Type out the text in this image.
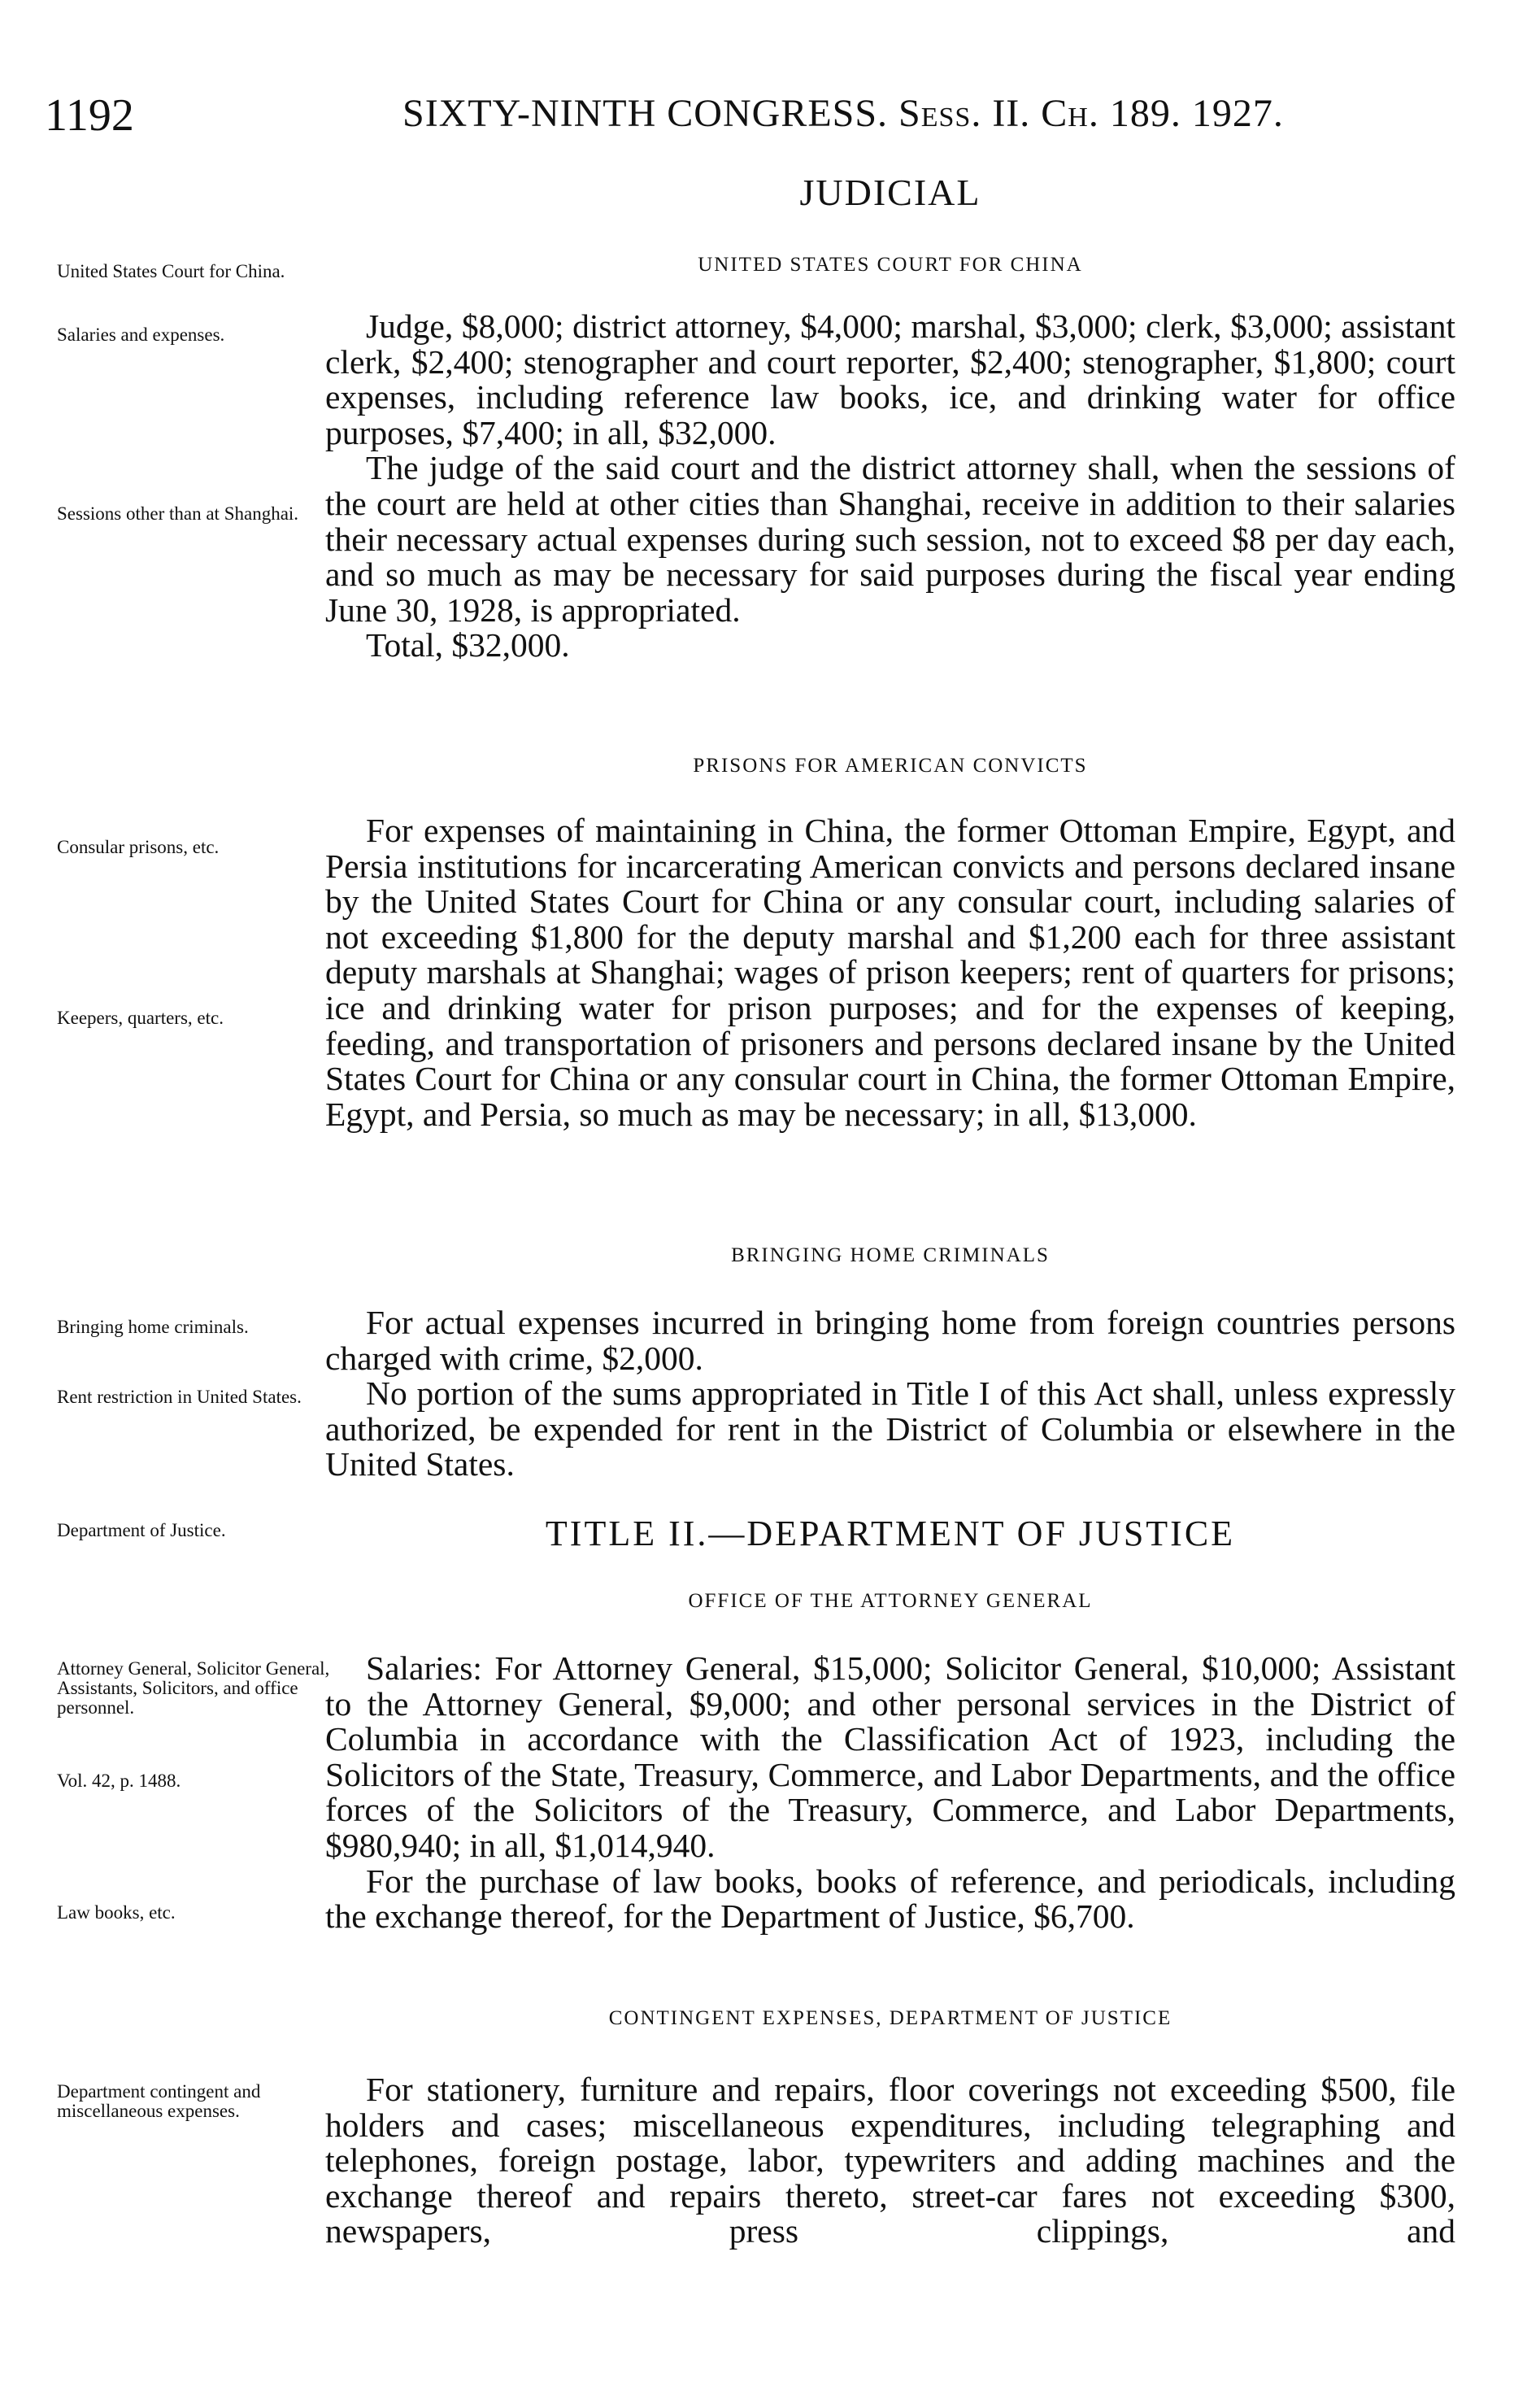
1192	SIXTY-NINTH CONGRESS. Sess. II. Ch. 189. 1927.
JUDICIAL
UNITED STATES COURT FOR CHINA
United States Court for China.
Salaries and expenses.
Sessions other than at Shanghai.

Judge, $8,000; district attorney, $4,000; marshal, $3,000; clerk, $3,000; assistant clerk, $2,400; stenographer and court reporter, $2,400; stenographer, $1,800; court expenses, including reference law books, ice, and drinking water for office purposes, $7,400; in all, $32,000.

The judge of the said court and the district attorney shall, when the sessions of the court are held at other cities than Shanghai, receive in addition to their salaries their necessary actual expenses during such session, not to exceed $8 per day each, and so much as may be necessary for said purposes during the fiscal year ending June 30, 1928, is appropriated.

Total, $32,000.

PRISONS FOR AMERICAN CONVICTS
Consular prisons, etc.
Keepers, quarters, etc.

For expenses of maintaining in China, the former Ottoman Empire, Egypt, and Persia institutions for incarcerating American convicts and persons declared insane by the United States Court for China or any consular court, including salaries of not exceeding $1,800 for the deputy marshal and $1,200 each for three assistant deputy marshals at Shanghai; wages of prison keepers; rent of quarters for prisons; ice and drinking water for prison purposes; and for the expenses of keeping, feeding, and transportation of prisoners and persons declared insane by the United States Court for China or any consular court in China, the former Ottoman Empire, Egypt, and Persia, so much as may be necessary; in all, $13,000.

BRINGING HOME CRIMINALS
Bringing home criminals.
Rent restriction in United States.

For actual expenses incurred in bringing home from foreign countries persons charged with crime, $2,000.

No portion of the sums appropriated in Title I of this Act shall, unless expressly authorized, be expended for rent in the District of Columbia or elsewhere in the United States.

Department of Justice.	TITLE II.—DEPARTMENT OF JUSTICE
OFFICE OF THE ATTORNEY GENERAL
Attorney General, Solicitor General, Assistants, Solicitors, and office personnel.
Vol. 42, p. 1488.
Law books, etc.

Salaries: For Attorney General, $15,000; Solicitor General, $10,000; Assistant to the Attorney General, $9,000; and other personal services in the District of Columbia in accordance with the Classification Act of 1923, including the Solicitors of the State, Treasury, Commerce, and Labor Departments, and the office forces of the Solicitors of the Treasury, Commerce, and Labor Departments, $980,940; in all, $1,014,940.

For the purchase of law books, books of reference, and periodicals, including the exchange thereof, for the Department of Justice, $6,700.

CONTINGENT EXPENSES, DEPARTMENT OF JUSTICE
Department contingent and miscellaneous expenses.

For stationery, furniture and repairs, floor coverings not exceeding $500, file holders and cases; miscellaneous expenditures, including telegraphing and telephones, foreign postage, labor, typewriters and adding machines and the exchange thereof and repairs thereto, street-car fares not exceeding $300, newspapers, press clippings, and
